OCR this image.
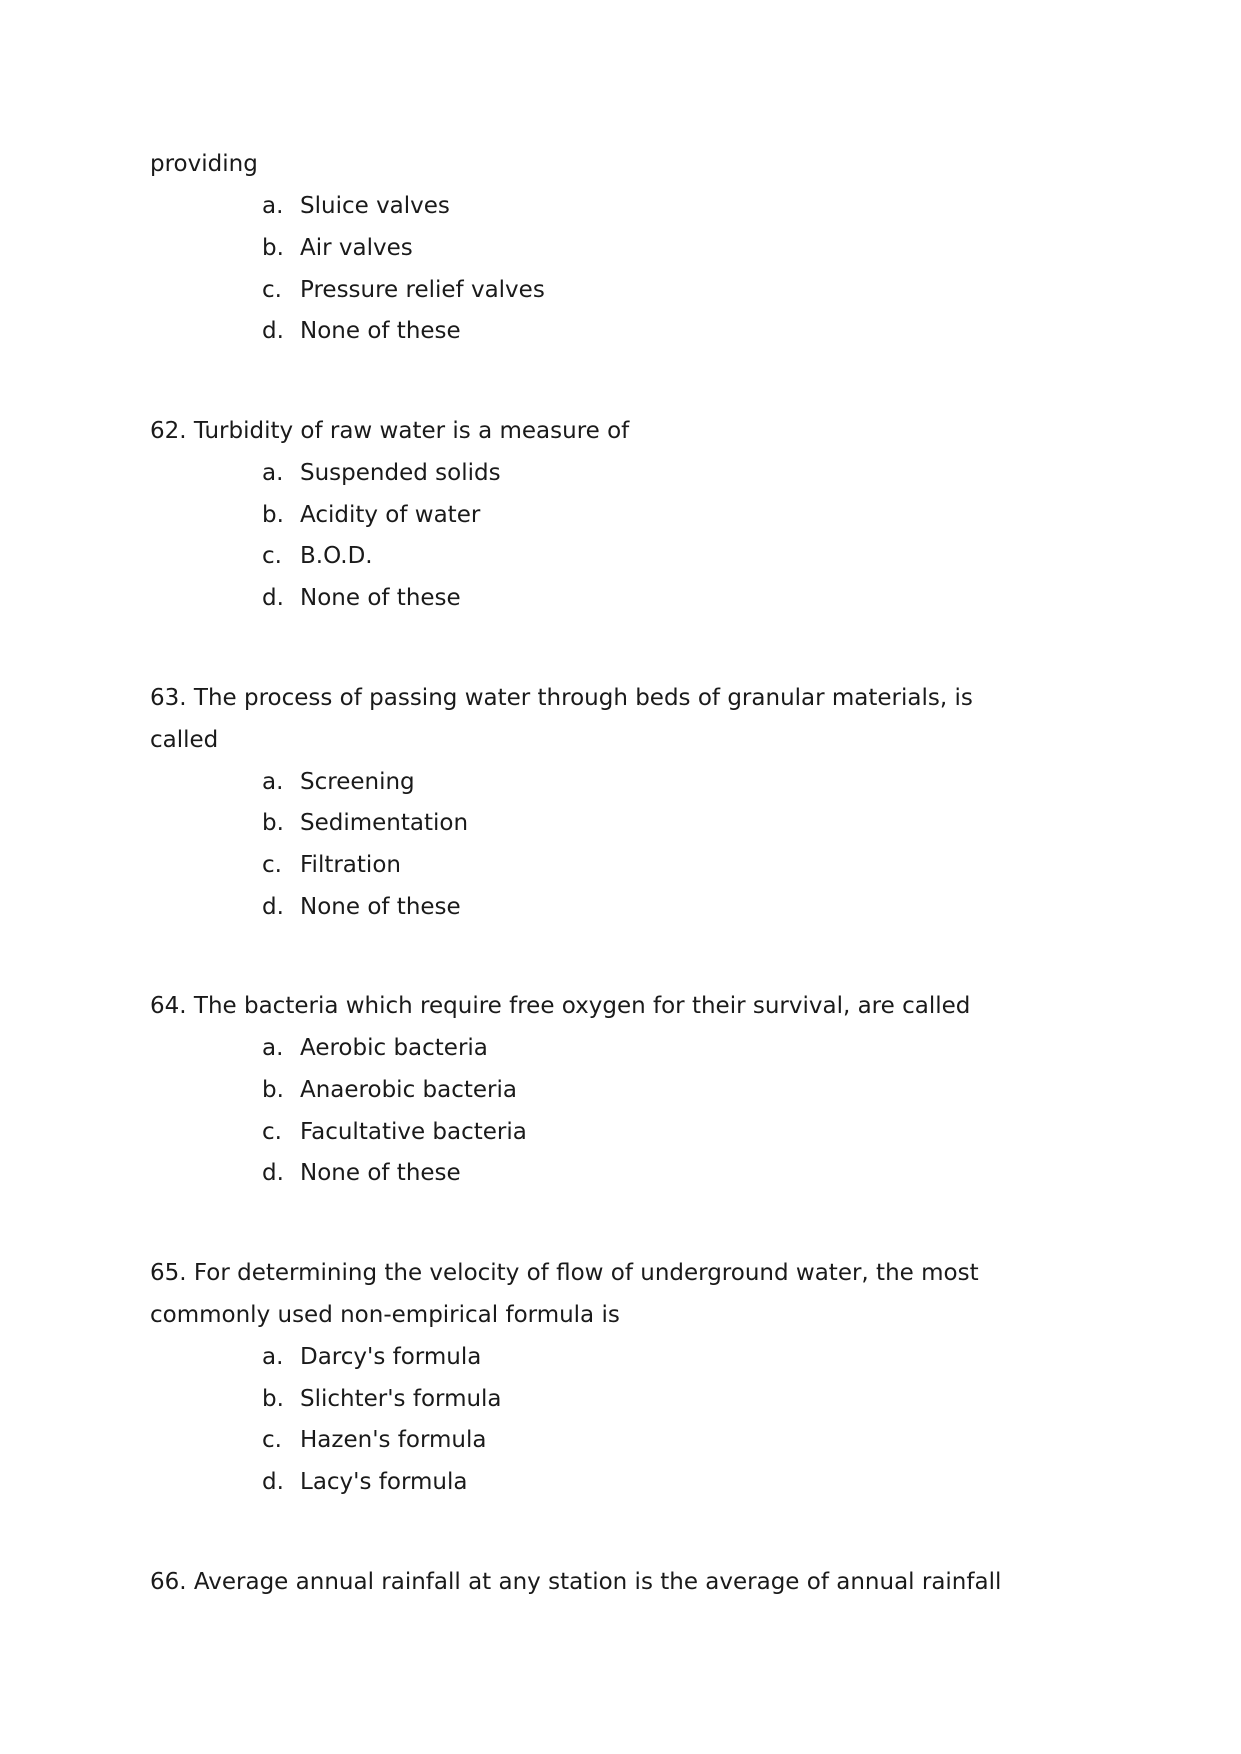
providing
a. Sluice valves
b. Air valves
c. Pressure relief valves
d. None of these
62. Turbidity of raw water is a measure of
a. Suspended solids
b. Acidity of water
c. B.O.D.
d. None of these
63. The process of passing water through beds of granular materials, is
called
a. Screening
b. Sedimentation
c. Filtration
d. None of these
64. The bacteria which require free oxygen for their survival, are called
a. Aerobic bacteria
b. Anaerobic bacteria
c. Facultative bacteria
d. None of these
65. For determining the velocity of flow of underground water, the most
commonly used non-empirical formula is
a. Darcy's formula
b. Slichter's formula
c. Hazen's formula
d. Lacy's formula
66. Average annual rainfall at any station is the average of annual rainfall
